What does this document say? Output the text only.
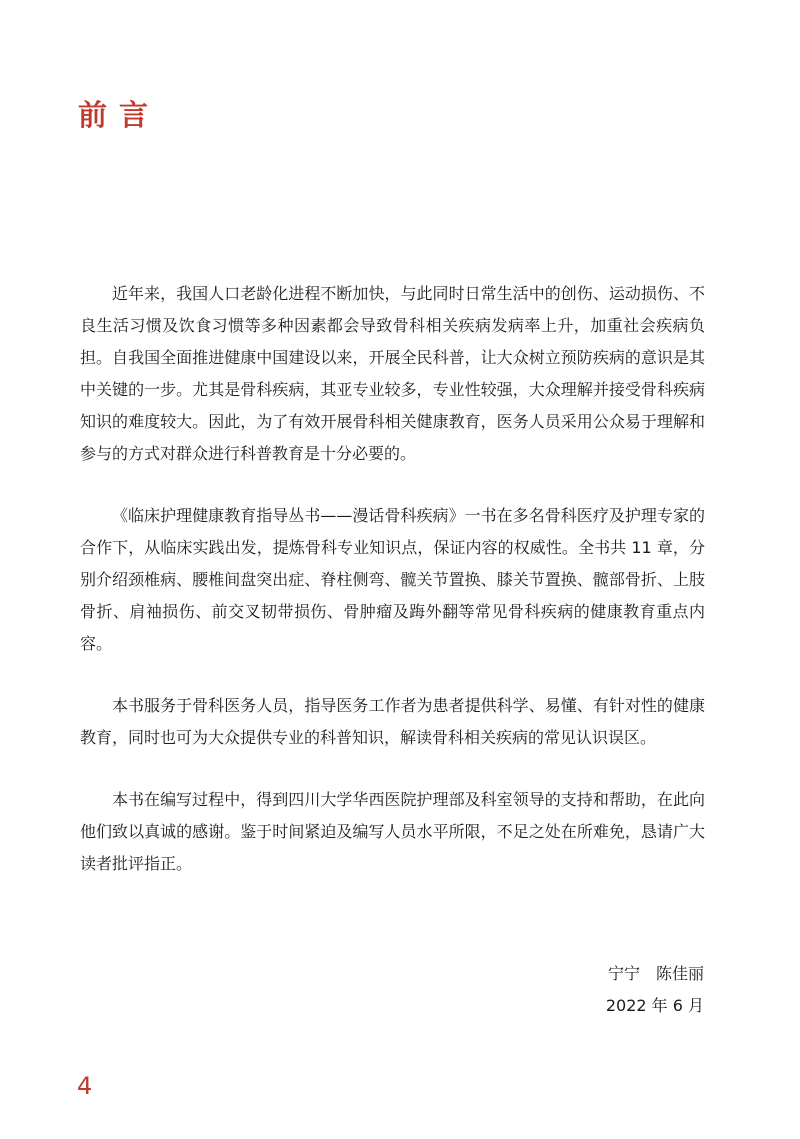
前言

近年来，我国人口老龄化进程不断加快，与此同时日常生活中的创伤、运动损伤、不良生活习惯及饮食习惯等多种因素都会导致骨科相关疾病发病率上升，加重社会疾病负担。自我国全面推进健康中国建设以来，开展全民科普，让大众树立预防疾病的意识是其中关键的一步。尤其是骨科疾病，其亚专业较多，专业性较强，大众理解并接受骨科疾病知识的难度较大。因此，为了有效开展骨科相关健康教育，医务人员采用公众易于理解和参与的方式对群众进行科普教育是十分必要的。

《临床护理健康教育指导丛书——漫话骨科疾病》一书在多名骨科医疗及护理专家的合作下，从临床实践出发，提炼骨科专业知识点，保证内容的权威性。全书共 11 章，分别介绍颈椎病、腰椎间盘突出症、脊柱侧弯、髋关节置换、膝关节置换、髋部骨折、上肢骨折、肩袖损伤、前交叉韧带损伤、骨肿瘤及踇外翻等常见骨科疾病的健康教育重点内容。

本书服务于骨科医务人员，指导医务工作者为患者提供科学、易懂、有针对性的健康教育，同时也可为大众提供专业的科普知识，解读骨科相关疾病的常见认识误区。

本书在编写过程中，得到四川大学华西医院护理部及科室领导的支持和帮助，在此向他们致以真诚的感谢。鉴于时间紧迫及编写人员水平所限，不足之处在所难免，恳请广大读者批评指正。

宁宁　陈佳丽
2022 年 6 月
4
